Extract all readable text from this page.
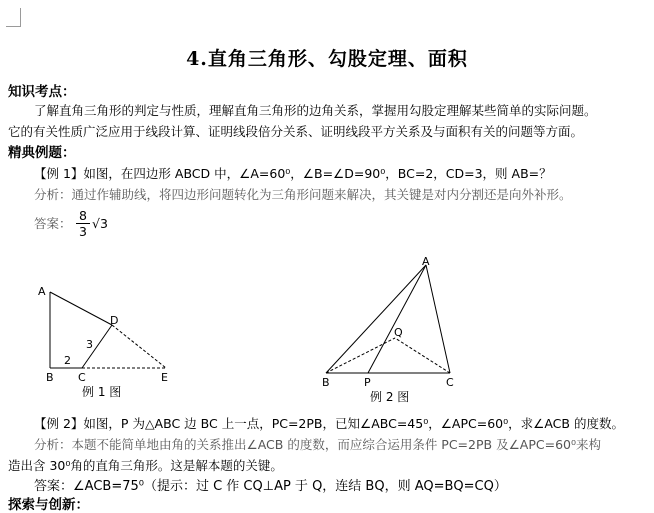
4.直角三角形、勾股定理、面积
知识考点：
了解直角三角形的判定与性质，理解直角三角形的边角关系，掌握用勾股定理解某些简单的实际问题。
它的有关性质广泛应用于线段计算、证明线段倍分关系、证明线段平方关系及与面积有关的问题等方面。
精典例题：
【例 1】如图，在四边形 ABCD 中，∠A=60⁰，∠B=∠D=90⁰，BC=2，CD=3，则 AB=？
分析：通过作辅助线，将四边形问题转化为三角形问题来解决，其关键是对内分割还是向外补形。
答案： $\frac{8}{3} √3$
A
B C
D
E
2
3
例 1 图
A
B	C
P
Q
例 2 图
【例 2】如图，P 为△ABC 边 BC 上一点，PC=2PB，已知∠ABC=45⁰，∠APC=60⁰，求∠ACB 的度数。
分析：本题不能简单地由角的关系推出∠ACB 的度数，而应综合运用条件 PC=2PB 及∠APC=60⁰来构
造出含 30⁰角的直角三角形。这是解本题的关键。
答案：∠ACB=75⁰（提示：过 C 作 CQ⊥AP 于 Q，连结 BQ，则 AQ=BQ=CQ）
探索与创新：
